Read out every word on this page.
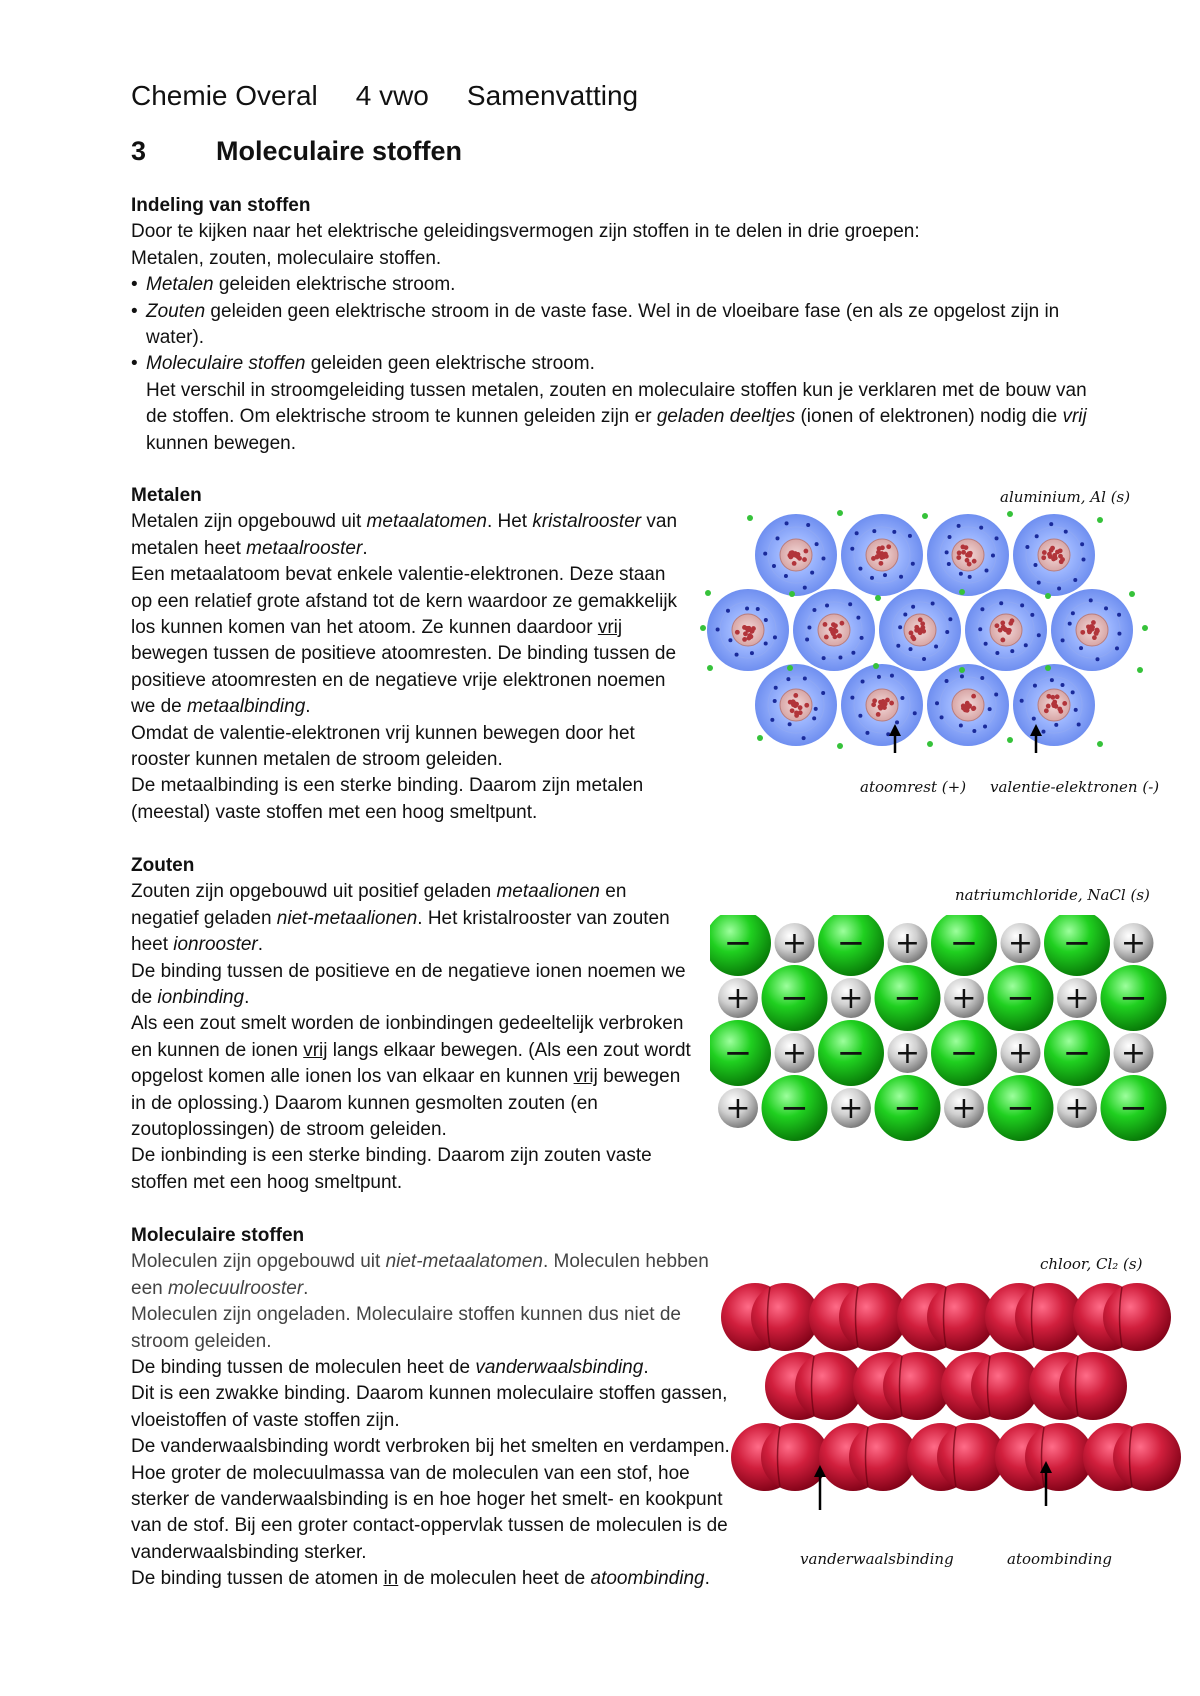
Chemie Overal 4 vwo Samenvatting
3	Moleculaire stoffen
Indeling van stoffen

Door te kijken naar het elektrische geleidingsvermogen zijn stoffen in te delen in drie groepen:

Metalen, zouten, moleculaire stoffen.

• Metalen geleiden elektrische stroom.
• Zouten geleiden geen elektrische stroom in de vaste fase. Wel in de vloeibare fase (en als ze opgelost zijn in water).
• Moleculaire stoffen geleiden geen elektrische stroom.
Het verschil in stroomgeleiding tussen metalen, zouten en moleculaire stoffen kun je verklaren met de bouw van de stoffen. Om elektrische stroom te kunnen geleiden zijn er geladen deeltjes (ionen of elektronen) nodig die vrij kunnen bewegen.
Metalen

Metalen zijn opgebouwd uit metaalatomen. Het kristalrooster van metalen heet metaalrooster.

Een metaalatoom bevat enkele valentie-elektronen. Deze staan op een relatief grote afstand tot de kern waardoor ze gemakkelijk los kunnen komen van het atoom. Ze kunnen daardoor vrij bewegen tussen de positieve atoomresten. De binding tussen de positieve atoomresten en de negatieve vrije elektronen noemen we de metaalbinding.

Omdat de valentie-elektronen vrij kunnen bewegen door het rooster kunnen metalen de stroom geleiden.

De metaalbinding is een sterke binding. Daarom zijn metalen (meestal) vaste stoffen met een hoog smeltpunt.

aluminium, Al (s)
atoomrest (+) valentie-elektronen (-)
Zouten

Zouten zijn opgebouwd uit positief geladen metaalionen en negatief geladen niet-metaalionen. Het kristalrooster van zouten heet ionrooster.

De binding tussen de positieve en de negatieve ionen noemen we de ionbinding.

Als een zout smelt worden de ionbindingen gedeeltelijk verbroken en kunnen de ionen vrij langs elkaar bewegen. (Als een zout wordt opgelost komen alle ionen los van elkaar en kunnen vrij bewegen in de oplossing.) Daarom kunnen gesmolten zouten (en zoutoplossingen) de stroom geleiden.

De ionbinding is een sterke binding. Daarom zijn zouten vaste stoffen met een hoog smeltpunt.

natriumchloride, NaCl (s)
− + − + − + − +
+ − + − + − + −
− + − + − + − +
+ − + − + − + −
Moleculaire stoffen

Moleculen zijn opgebouwd uit niet-metaalatomen. Moleculen hebben een molecuulrooster.

Moleculen zijn ongeladen. Moleculaire stoffen kunnen dus niet de stroom geleiden.

De binding tussen de moleculen heet de vanderwaalsbinding.

Dit is een zwakke binding. Daarom kunnen moleculaire stoffen gassen, vloeistoffen of vaste stoffen zijn.

De vanderwaalsbinding wordt verbroken bij het smelten en verdampen. Hoe groter de molecuulmassa van de moleculen van een stof, hoe sterker de vanderwaalsbinding is en hoe hoger het smelt- en kookpunt van de stof. Bij een groter contact-oppervlak tussen de moleculen is de vanderwaalsbinding sterker.

De binding tussen de atomen in de moleculen heet de atoombinding.

chloor, Cl₂ (s)
vanderwaalsbinding	atoombinding
